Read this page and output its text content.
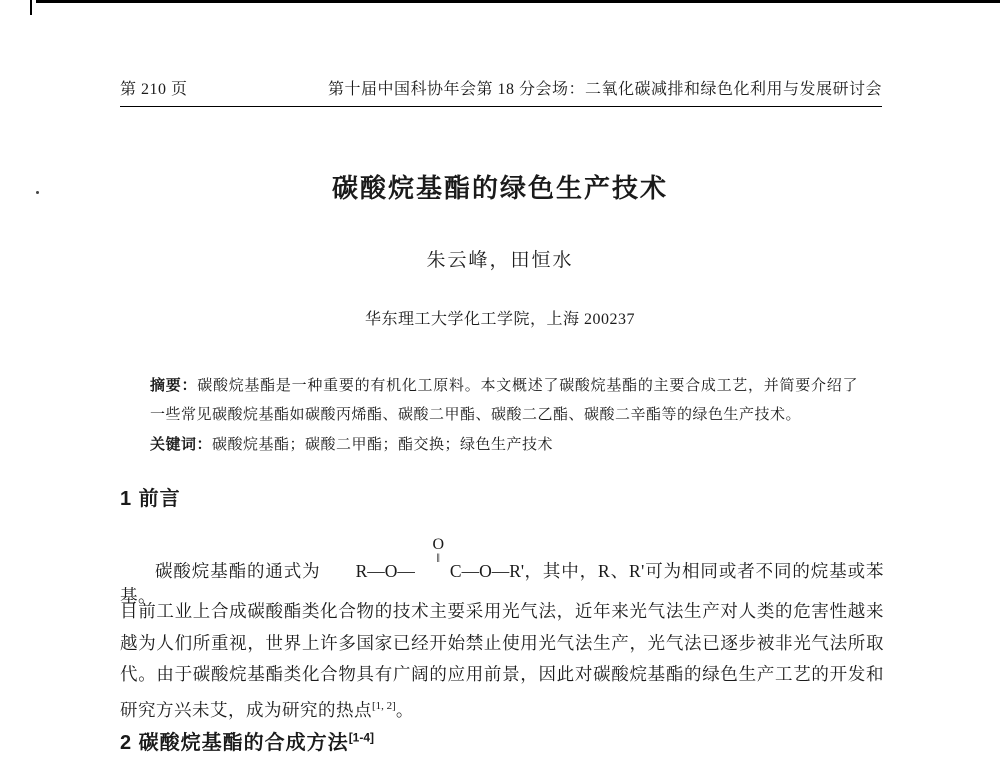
第 210 页	第十届中国科协年会第 18 分会场：二氧化碳减排和绿色化利用与发展研讨会
碳酸烷基酯的绿色生产技术
朱云峰，田恒水
华东理工大学化工学院，上海 200237

摘要：碳酸烷基酯是一种重要的有机化工原料。本文概述了碳酸烷基酯的主要合成工艺，并简要介绍了一些常见碳酸烷基酯如碳酸丙烯酯、碳酸二甲酯、碳酸二乙酯、碳酸二辛酯等的绿色生产技术。

关键词：碳酸烷基酯；碳酸二甲酯；酯交换；绿色生产技术

1 前言

碳酸烷基酯的通式为 R—O—
O
‖
C—O—R'，其中，R、R'可为相同或者不同的烷基或苯基。

目前工业上合成碳酸酯类化合物的技术主要采用光气法，近年来光气法生产对人类的危害性越来越为人们所重视，世界上许多国家已经开始禁止使用光气法生产，光气法已逐步被非光气法所取代。由于碳酸烷基酯类化合物具有广阔的应用前景，因此对碳酸烷基酯的绿色生产工艺的开发和研究方兴未艾，成为研究的热点[1, 2]。

2 碳酸烷基酯的合成方法[1-4]
